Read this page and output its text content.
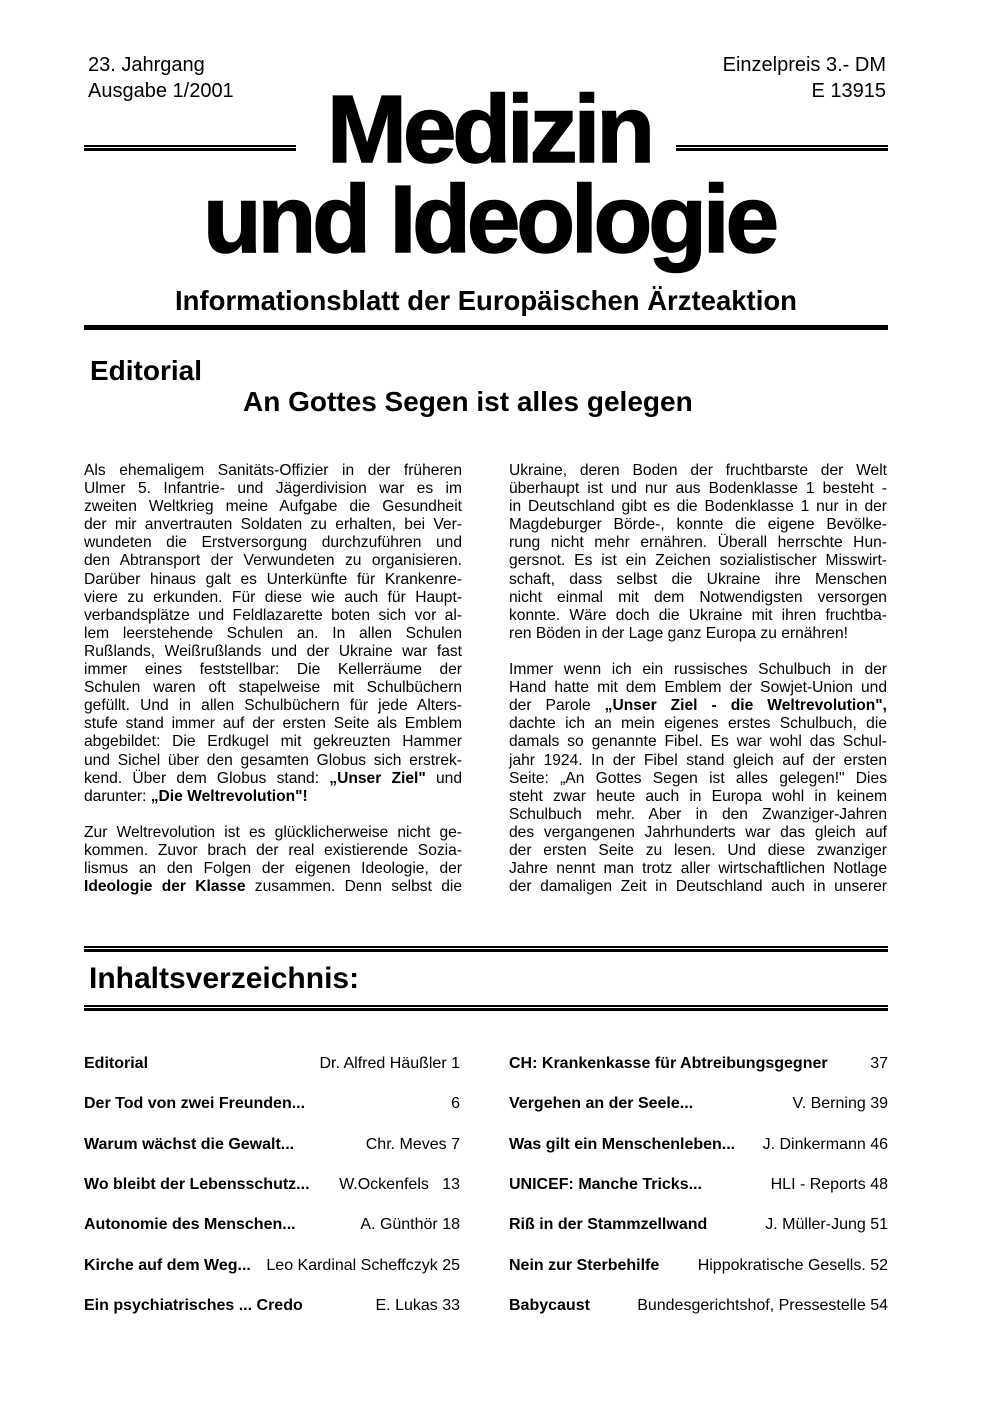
23. Jahrgang
Ausgabe 1/2001
Einzelpreis 3.- DM
E 13915
Medizin
und Ideologie
Informationsblatt der Europäischen Ärzteaktion
Editorial
An Gottes Segen ist alles gelegen
Als ehemaligem Sanitäts-Offizier in der früheren
Ulmer 5. Infantrie- und Jägerdivision war es im
zweiten Weltkrieg meine Aufgabe die Gesundheit
der mir anvertrauten Soldaten zu erhalten, bei Ver-
wundeten die Erstversorgung durchzuführen und
den Abtransport der Verwundeten zu organisieren.
Darüber hinaus galt es Unterkünfte für Krankenre-
viere zu erkunden. Für diese wie auch für Haupt-
verbandsplätze und Feldlazarette boten sich vor al-
lem leerstehende Schulen an. In allen Schulen
Rußlands, Weißrußlands und der Ukraine war fast
immer eines feststellbar: Die Kellerräume der
Schulen waren oft stapelweise mit Schulbüchern
gefüllt. Und in allen Schulbüchern für jede Alters-
stufe stand immer auf der ersten Seite als Emblem
abgebildet: Die Erdkugel mit gekreuzten Hammer
und Sichel über den gesamten Globus sich erstrek-
kend. Über dem Globus stand: „Unser Ziel" und
darunter: „Die Weltrevolution"!
Zur Weltrevolution ist es glücklicherweise nicht ge-
kommen. Zuvor brach der real existierende Sozia-
lismus an den Folgen der eigenen Ideologie, der
Ideologie der Klasse zusammen. Denn selbst die
Ukraine, deren Boden der fruchtbarste der Welt
überhaupt ist und nur aus Bodenklasse 1 besteht -
in Deutschland gibt es die Bodenklasse 1 nur in der
Magdeburger Börde-, konnte die eigene Bevölke-
rung nicht mehr ernähren. Überall herrschte Hun-
gersnot. Es ist ein Zeichen sozialistischer Misswirt-
schaft, dass selbst die Ukraine ihre Menschen
nicht einmal mit dem Notwendigsten versorgen
konnte. Wäre doch die Ukraine mit ihren fruchtba-
ren Böden in der Lage ganz Europa zu ernähren!
Immer wenn ich ein russisches Schulbuch in der
Hand hatte mit dem Emblem der Sowjet-Union und
der Parole „Unser Ziel - die Weltrevolution",
dachte ich an mein eigenes erstes Schulbuch, die
damals so genannte Fibel. Es war wohl das Schul-
jahr 1924. In der Fibel stand gleich auf der ersten
Seite: „An Gottes Segen ist alles gelegen!" Dies
steht zwar heute auch in Europa wohl in keinem
Schulbuch mehr. Aber in den Zwanziger-Jahren
des vergangenen Jahrhunderts war das gleich auf
der ersten Seite zu lesen. Und diese zwanziger
Jahre nennt man trotz aller wirtschaftlichen Notlage
der damaligen Zeit in Deutschland auch in unserer
Inhaltsverzeichnis:
Editorial	Dr. Alfred Häußler 1
Der Tod von zwei Freunden...	6
Warum wächst die Gewalt...	Chr. Meves 7
Wo bleibt der Lebensschutz... W.Ockenfels   13
Autonomie des Menschen...	A. Günthör 18
Kirche auf dem Weg... Leo Kardinal Scheffczyk 25
Ein psychiatrisches ... Credo	E. Lukas 33
CH: Krankenkasse für Abtreibungsgegner	37
Vergehen an der Seele...	V. Berning 39
Was gilt ein Menschenleben... J. Dinkermann 46
UNICEF: Manche Tricks...	HLI - Reports 48
Riß in der Stammzellwand	J. Müller-Jung 51
Nein zur Sterbehilfe Hippokratische Gesells. 52
Babycaust	Bundesgerichtshof, Pressestelle 54
